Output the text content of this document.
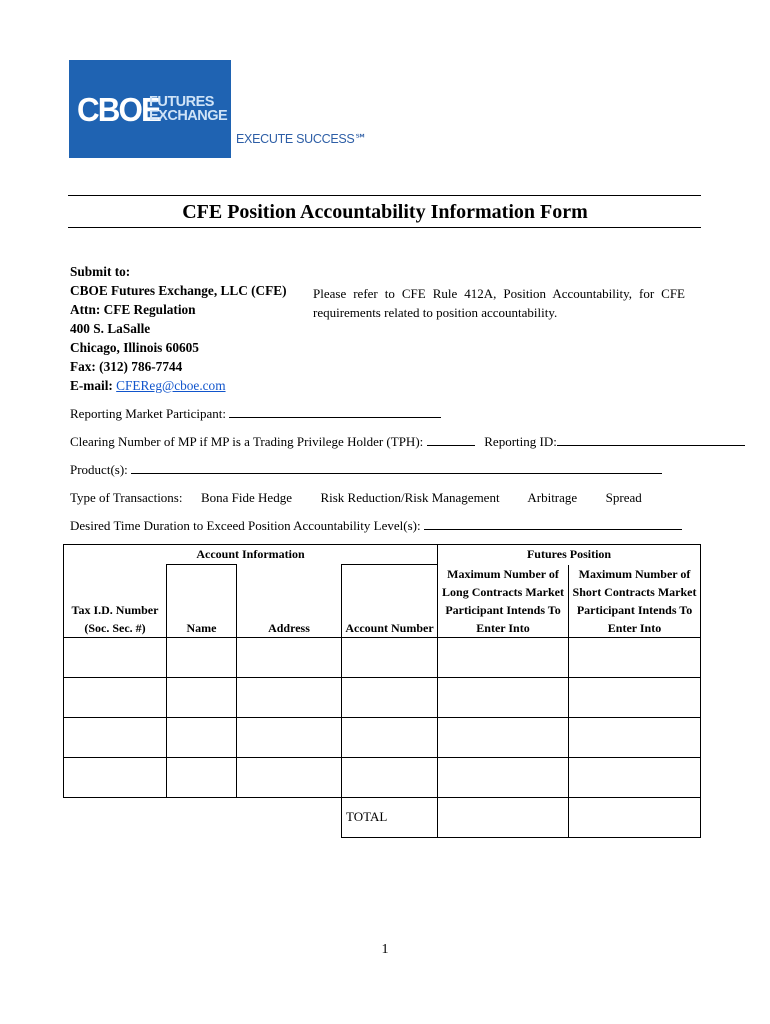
CBOE
FUTURES
EXCHANGE
EXECUTE SUCCESS℠
CFE Position Accountability Information Form
Submit to:
CBOE Futures Exchange, LLC (CFE)
Attn: CFE Regulation
400 S. LaSalle
Chicago, Illinois 60605
Fax: (312) 786-7744
E-mail: CFEReg@cboe.com
Please refer to CFE Rule 412A, Position Accountability, for CFE requirements related to position accountability.
Reporting Market Participant:
Clearing Number of MP if MP is a Trading Privilege Holder (TPH):	Reporting ID:
Product(s):
Type of Transactions: Bona Fide Hedge Risk Reduction/Risk Management Arbitrage Spread
Desired Time Duration to Exceed Position Accountability Level(s):
Account Information				Futures Position	
Tax I.D. Number (Soc. Sec. #)	Name	Address	Account Number	Maximum Number of Long Contracts Market Participant Intends To Enter Into	Maximum Number of Short Contracts Market Participant Intends To Enter Into

			TOTAL		
1
